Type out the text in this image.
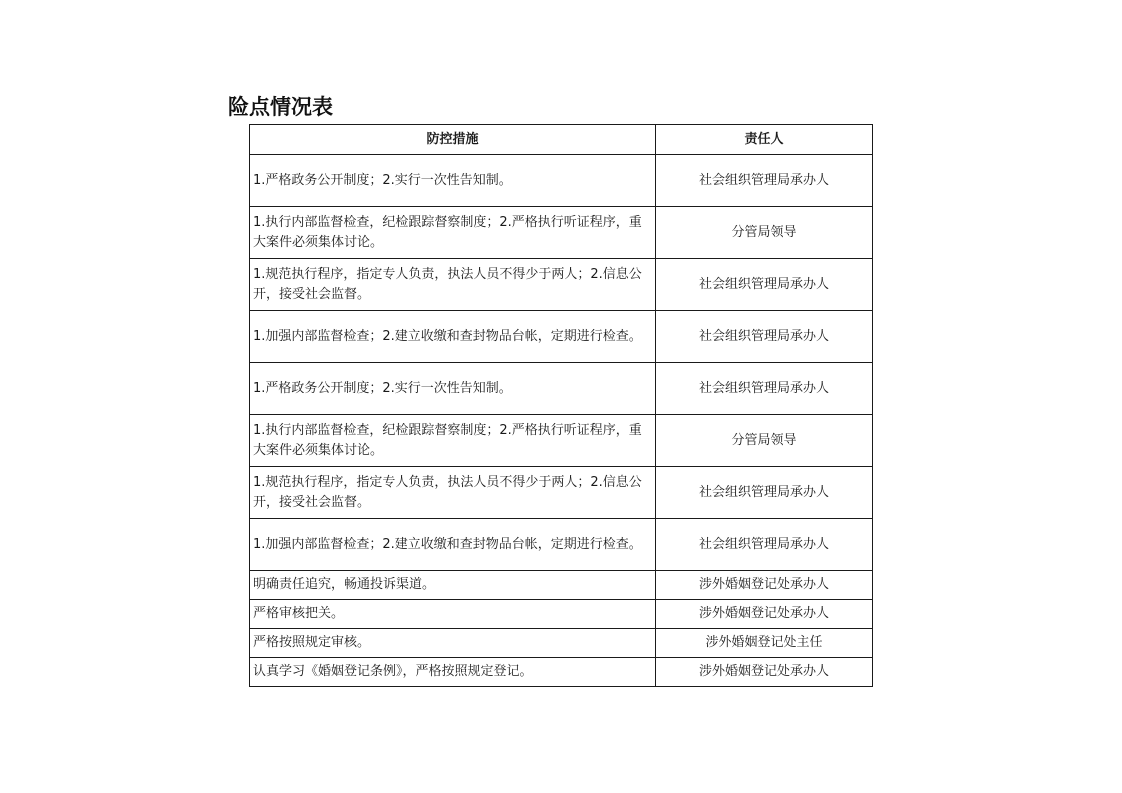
险点情况表
防控措施	责任人
1.严格政务公开制度；2.实行一次性告知制。	社会组织管理局承办人
1.执行内部监督检查，纪检跟踪督察制度；2.严格执行听证程序，重大案件必须集体讨论。	分管局领导
1.规范执行程序，指定专人负责，执法人员不得少于两人；2.信息公开，接受社会监督。	社会组织管理局承办人
1.加强内部监督检查；2.建立收缴和查封物品台帐，定期进行检查。	社会组织管理局承办人
1.严格政务公开制度；2.实行一次性告知制。	社会组织管理局承办人
1.执行内部监督检查，纪检跟踪督察制度；2.严格执行听证程序，重大案件必须集体讨论。	分管局领导
1.规范执行程序，指定专人负责，执法人员不得少于两人；2.信息公开，接受社会监督。	社会组织管理局承办人
1.加强内部监督检查；2.建立收缴和查封物品台帐，定期进行检查。	社会组织管理局承办人
明确责任追究，畅通投诉渠道。	涉外婚姻登记处承办人
严格审核把关。	涉外婚姻登记处承办人
严格按照规定审核。	涉外婚姻登记处主任
认真学习《婚姻登记条例》，严格按照规定登记。	涉外婚姻登记处承办人
